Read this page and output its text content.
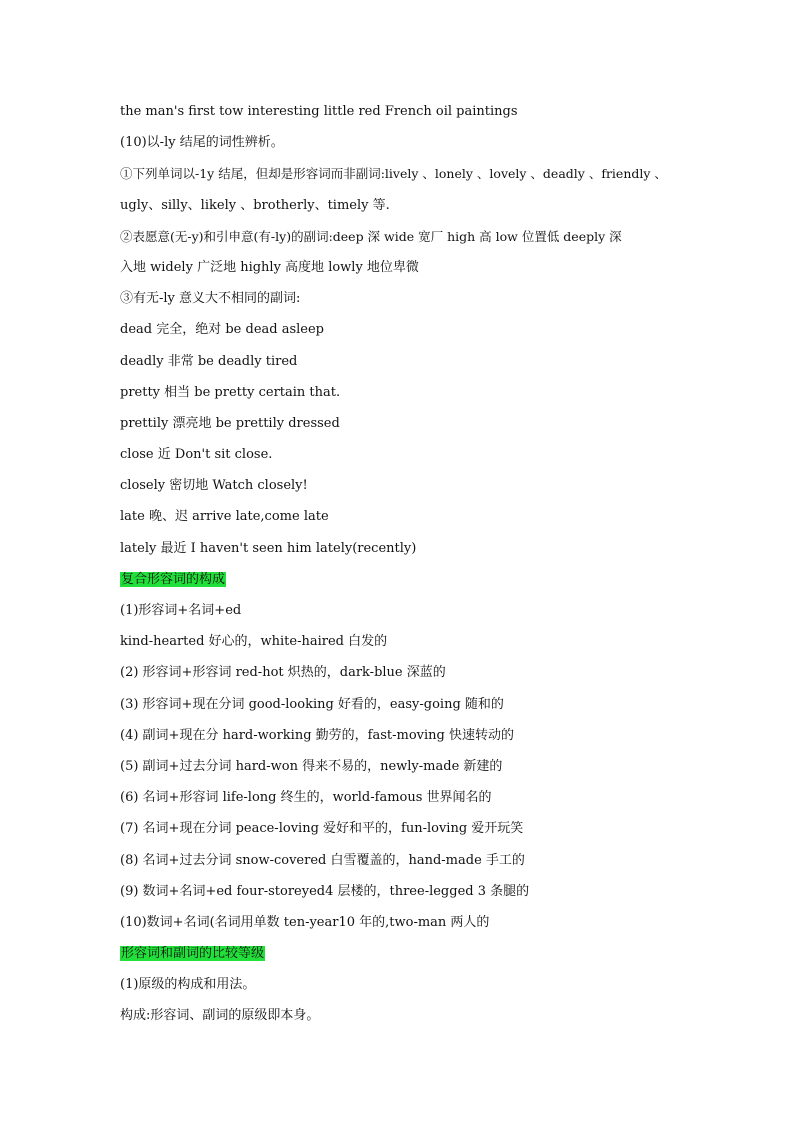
the man's first tow interesting little red French oil paintings
(10)以-ly 结尾的词性辨析。
①下列单词以-1y 结尾，但却是形容词而非副词:lively 、lonely 、lovely 、deadly 、friendly 、
ugly、silly、likely 、brotherly、timely 等.
②表愿意(无-y)和引申意(有-ly)的副词:deep 深 wide 宽厂 high 高 low 位置低 deeply 深
入地 widely 广泛地 highly 高度地 lowly 地位卑微
③有无-ly 意义大不相同的副词:
dead 完全，绝对 be dead asleep
deadly 非常 be deadly tired
pretty 相当 be pretty certain that.
prettily 漂亮地 be prettily dressed
close 近 Don't sit close.
closely 密切地 Watch closely!
late 晚、迟 arrive late,come late
lately 最近 I haven't seen him lately(recently)
复合形容词的构成
(1)形容词+名词+ed
kind-hearted 好心的，white-haired 白发的
(2) 形容词+形容词 red-hot 炽热的，dark-blue 深蓝的
(3) 形容词+现在分词 good-looking 好看的，easy-going 随和的
(4) 副词+现在分 hard-working 勤劳的，fast-moving 快速转动的
(5) 副词+过去分词 hard-won 得来不易的，newly-made 新建的
(6) 名词+形容词 life-long 终生的，world-famous 世界闻名的
(7) 名词+现在分词 peace-loving 爱好和平的，fun-loving 爱开玩笑
(8) 名词+过去分词 snow-covered 白雪覆盖的，hand-made 手工的
(9) 数词+名词+ed four-storeyed4 层楼的，three-legged 3 条腿的
(10)数词+名词(名词用单数 ten-year10 年的,two-man 两人的
形容词和副词的比较等级
(1)原级的构成和用法。
构成:形容词、副词的原级即本身。
